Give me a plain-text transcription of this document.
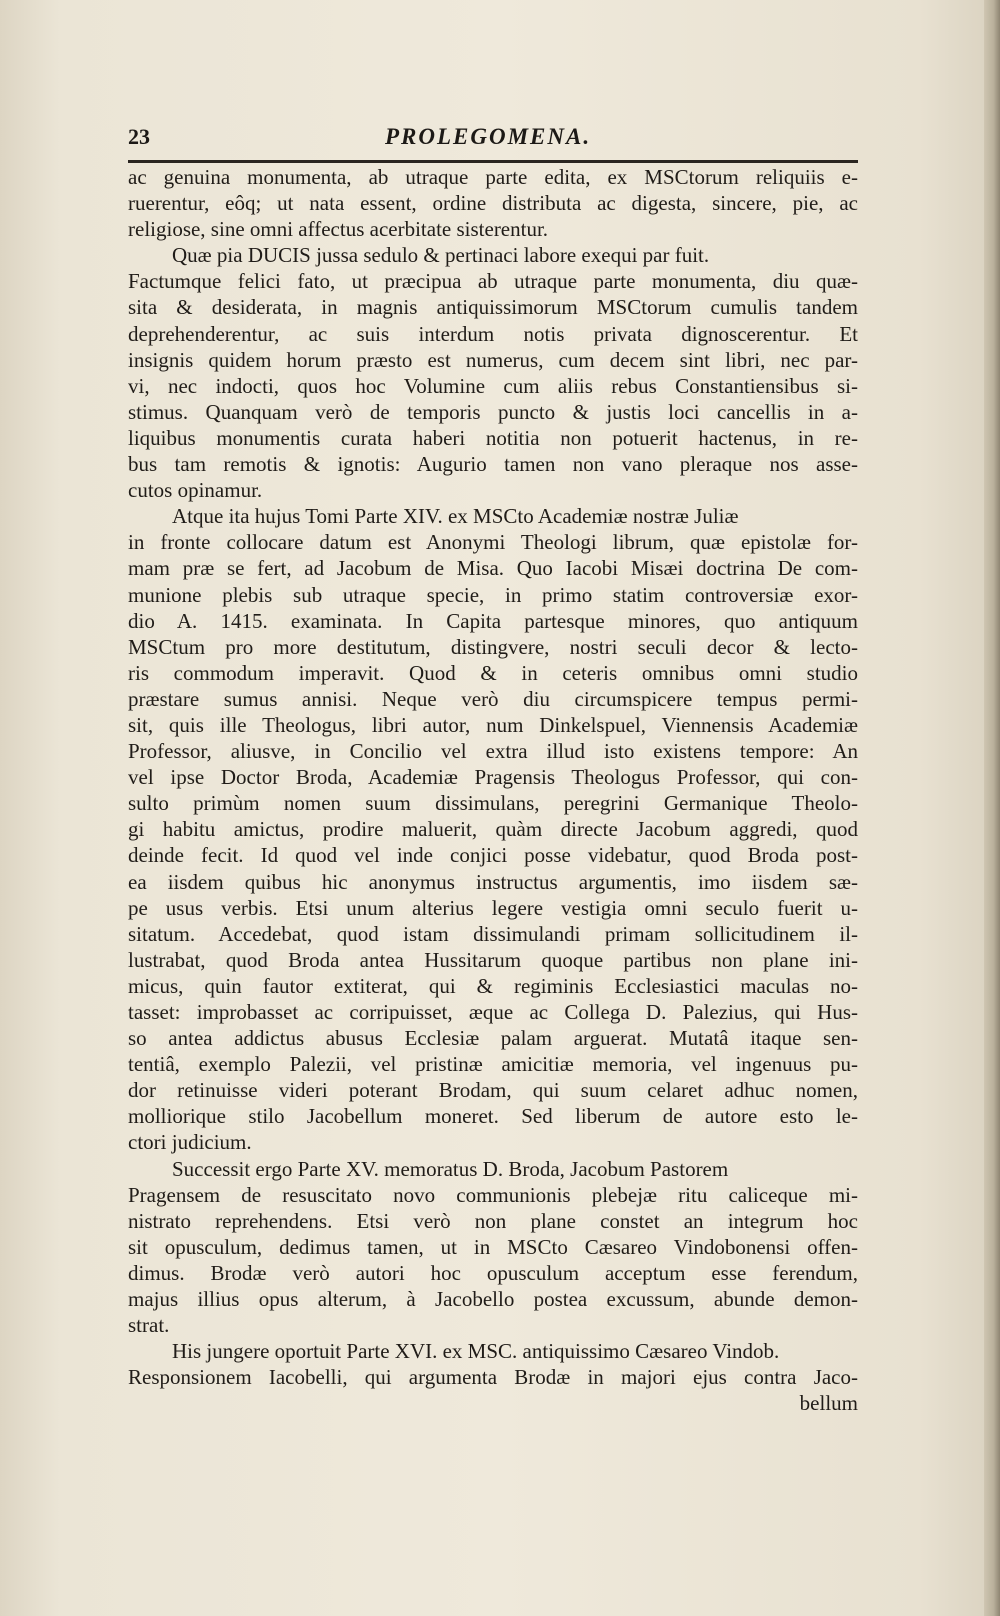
23	PROLEGOMENA.
ac genuina monumenta, ab utraque parte edita, ex MSCtorum reliquiis e-
ruerentur, eôq; ut nata essent, ordine distributa ac digesta, sincere, pie, ac
religiose, sine omni affectus acerbitate sisterentur.
Quæ pia DUCIS jussa sedulo & pertinaci labore exequi par fuit.
Factumque felici fato, ut præcipua ab utraque parte monumenta, diu quæ-
sita & desiderata, in magnis antiquissimorum MSCtorum cumulis tandem
deprehenderentur, ac suis interdum notis privata dignoscerentur. Et
insignis quidem horum præsto est numerus, cum decem sint libri, nec par-
vi, nec indocti, quos hoc Volumine cum aliis rebus Constantiensibus si-
stimus. Quanquam verò de temporis puncto & justis loci cancellis in a-
liquibus monumentis curata haberi notitia non potuerit hactenus, in re-
bus tam remotis & ignotis: Augurio tamen non vano pleraque nos asse-
cutos opinamur.
Atque ita hujus Tomi Parte XIV. ex MSCto Academiæ nostræ Juliæ
in fronte collocare datum est Anonymi Theologi librum, quæ epistolæ for-
mam præ se fert, ad Jacobum de Misa. Quo Iacobi Misæi doctrina De com-
munione plebis sub utraque specie, in primo statim controversiæ exor-
dio A. 1415. examinata. In Capita partesque minores, quo antiquum
MSCtum pro more destitutum, distingvere, nostri seculi decor & lecto-
ris commodum imperavit. Quod & in ceteris omnibus omni studio
præstare sumus annisi. Neque verò diu circumspicere tempus permi-
sit, quis ille Theologus, libri autor, num Dinkelspuel, Viennensis Academiæ
Professor, aliusve, in Concilio vel extra illud isto existens tempore: An
vel ipse Doctor Broda, Academiæ Pragensis Theologus Professor, qui con-
sulto primùm nomen suum dissimulans, peregrini Germanique Theolo-
gi habitu amictus, prodire maluerit, quàm directe Jacobum aggredi, quod
deinde fecit. Id quod vel inde conjici posse videbatur, quod Broda post-
ea iisdem quibus hic anonymus instructus argumentis, imo iisdem sæ-
pe usus verbis. Etsi unum alterius legere vestigia omni seculo fuerit u-
sitatum. Accedebat, quod istam dissimulandi primam sollicitudinem il-
lustrabat, quod Broda antea Hussitarum quoque partibus non plane ini-
micus, quin fautor extiterat, qui & regiminis Ecclesiastici maculas no-
tasset: improbasset ac corripuisset, æque ac Collega D. Palezius, qui Hus-
so antea addictus abusus Ecclesiæ palam arguerat. Mutatâ itaque sen-
tentiâ, exemplo Palezii, vel pristinæ amicitiæ memoria, vel ingenuus pu-
dor retinuisse videri poterant Brodam, qui suum celaret adhuc nomen,
molliorique stilo Jacobellum moneret. Sed liberum de autore esto le-
ctori judicium.
Successit ergo Parte XV. memoratus D. Broda, Jacobum Pastorem
Pragensem de resuscitato novo communionis plebejæ ritu caliceque mi-
nistrato reprehendens. Etsi verò non plane constet an integrum hoc
sit opusculum, dedimus tamen, ut in MSCto Cæsareo Vindobonensi offen-
dimus. Brodæ verò autori hoc opusculum acceptum esse ferendum,
majus illius opus alterum, à Jacobello postea excussum, abunde demon-
strat.
His jungere oportuit Parte XVI. ex MSC. antiquissimo Cæsareo Vindob.
Responsionem Iacobelli, qui argumenta Brodæ in majori ejus contra Jaco-
bellum
